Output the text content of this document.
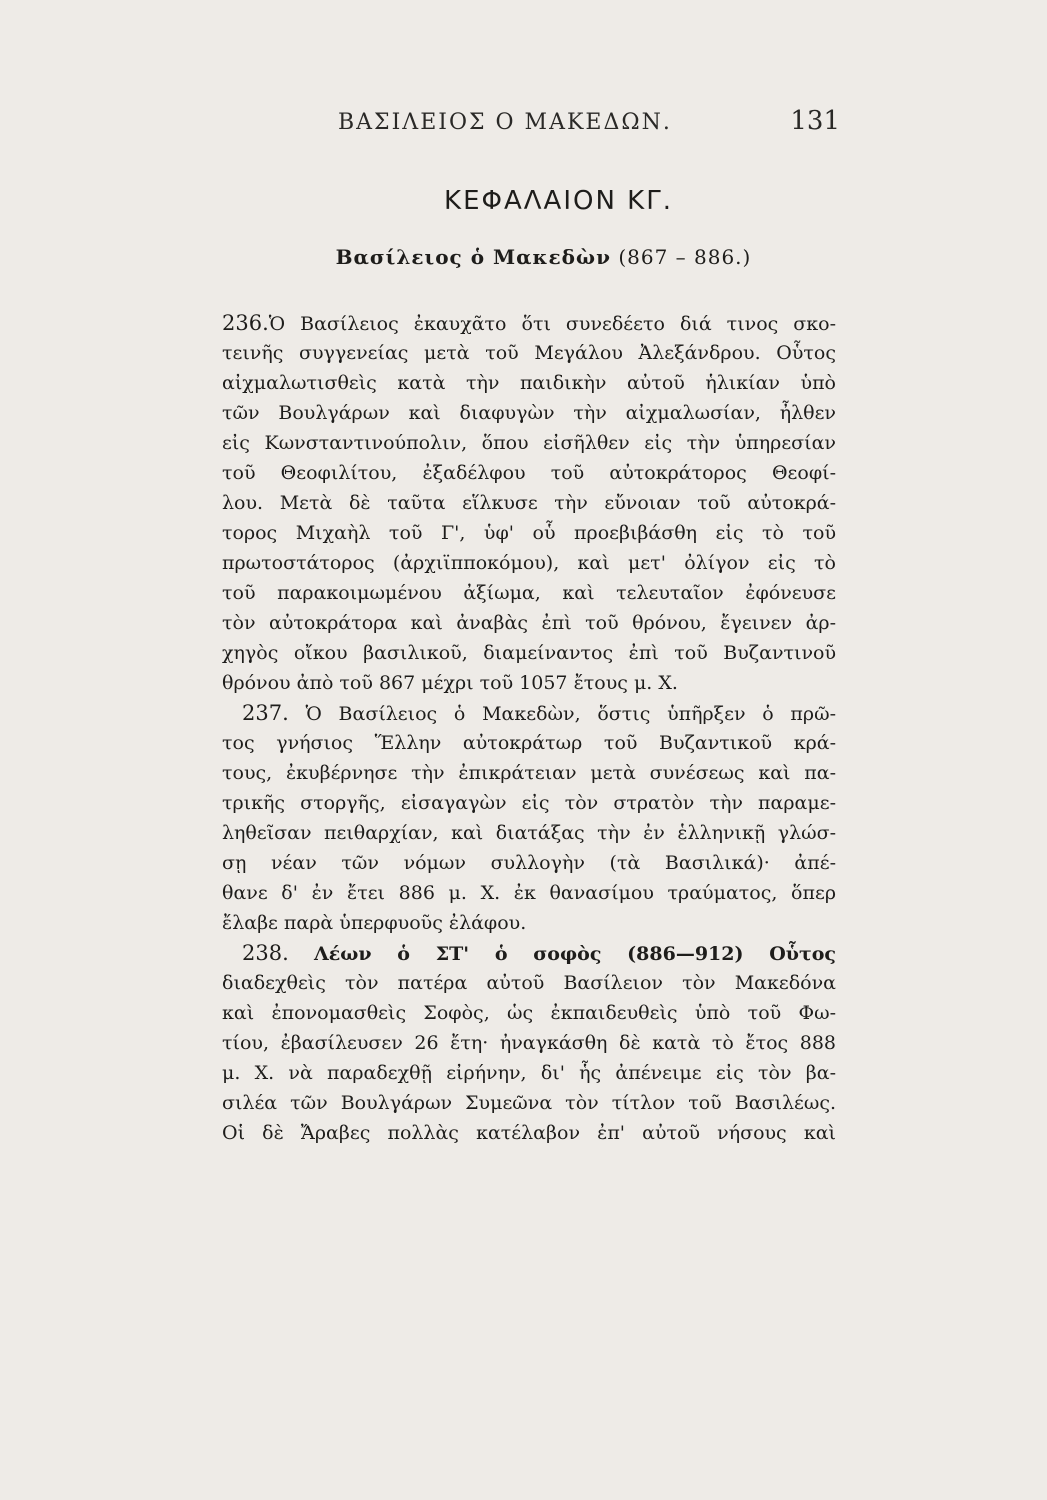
ΒΑΣΙΛΕΙΟΣ Ο ΜΑΚΕΔΩΝ.	131
ΚΕΦΑΛΑΙΟΝ ΚΓ.
Βασίλειος ὁ Μακεδὼν (867 – 886.)
236.Ὁ Βασίλειος ἐκαυχᾶτο ὅτι συνεδέετο διά τινος σκο-
τεινῆς συγγενείας μετὰ τοῦ Μεγάλου Ἀλεξάνδρου. Οὗτος
αἰχμαλωτισθεὶς κατὰ τὴν παιδικὴν αὐτοῦ ἡλικίαν ὑπὸ
τῶν Βουλγάρων καὶ διαφυγὼν τὴν αἰχμαλωσίαν, ἦλθεν
εἰς Κωνσταντινούπολιν, ὅπου εἰσῆλθεν εἰς τὴν ὑπηρεσίαν
τοῦ Θεοφιλίτου, ἐξαδέλφου τοῦ αὐτοκράτορος Θεοφί-
λου. Μετὰ δὲ ταῦτα εἵλκυσε τὴν εὔνοιαν τοῦ αὐτοκρά-
τορος Μιχαὴλ τοῦ Γ', ὑφ' οὗ προεβιβάσθη εἰς τὸ τοῦ
πρωτοστάτορος (ἀρχιϊπποκόμου), καὶ μετ' ὀλίγον εἰς τὸ
τοῦ παρακοιμωμένου ἀξίωμα, καὶ τελευταῖον ἐφόνευσε
τὸν αὐτοκράτορα καὶ ἀναβὰς ἐπὶ τοῦ θρόνου, ἔγεινεν ἀρ-
χηγὸς οἴκου βασιλικοῦ, διαμείναντος ἐπὶ τοῦ Βυζαντινοῦ
θρόνου ἀπὸ τοῦ 867 μέχρι τοῦ 1057 ἔτους μ. Χ.
237. Ὁ Βασίλειος ὁ Μακεδὼν, ὅστις ὑπῆρξεν ὁ πρῶ-
τος γνήσιος Ἕλλην αὐτοκράτωρ τοῦ Βυζαντικοῦ κρά-
τους, ἐκυβέρνησε τὴν ἐπικράτειαν μετὰ συνέσεως καὶ πα-
τρικῆς στοργῆς, εἰσαγαγὼν εἰς τὸν στρατὸν τὴν παραμε-
ληθεῖσαν πειθαρχίαν, καὶ διατάξας τὴν ἐν ἑλληνικῇ γλώσ-
σῃ νέαν τῶν νόμων συλλογὴν (τὰ Βασιλικά)· ἀπέ-
θανε δ' ἐν ἔτει 886 μ. Χ. ἐκ θανασίμου τραύματος, ὅπερ
ἔλαβε παρὰ ὑπερφυοῦς ἐλάφου.
238. Λέων ὁ ΣΤ' ὁ σοφὸς (886—912) Οὗτος
διαδεχθεὶς τὸν πατέρα αὐτοῦ Βασίλειον τὸν Μακεδόνα
καὶ ἐπονομασθεὶς Σοφὸς, ὡς ἐκπαιδευθεὶς ὑπὸ τοῦ Φω-
τίου, ἐβασίλευσεν 26 ἔτη· ἠναγκάσθη δὲ κατὰ τὸ ἔτος 888
μ. Χ. νὰ παραδεχθῇ εἰρήνην, δι' ἧς ἀπένειμε εἰς τὸν βα-
σιλέα τῶν Βουλγάρων Συμεῶνα τὸν τίτλον τοῦ Βασιλέως.
Οἱ δὲ Ἄραβες πολλὰς κατέλαβον ἐπ' αὐτοῦ νήσους καὶ
